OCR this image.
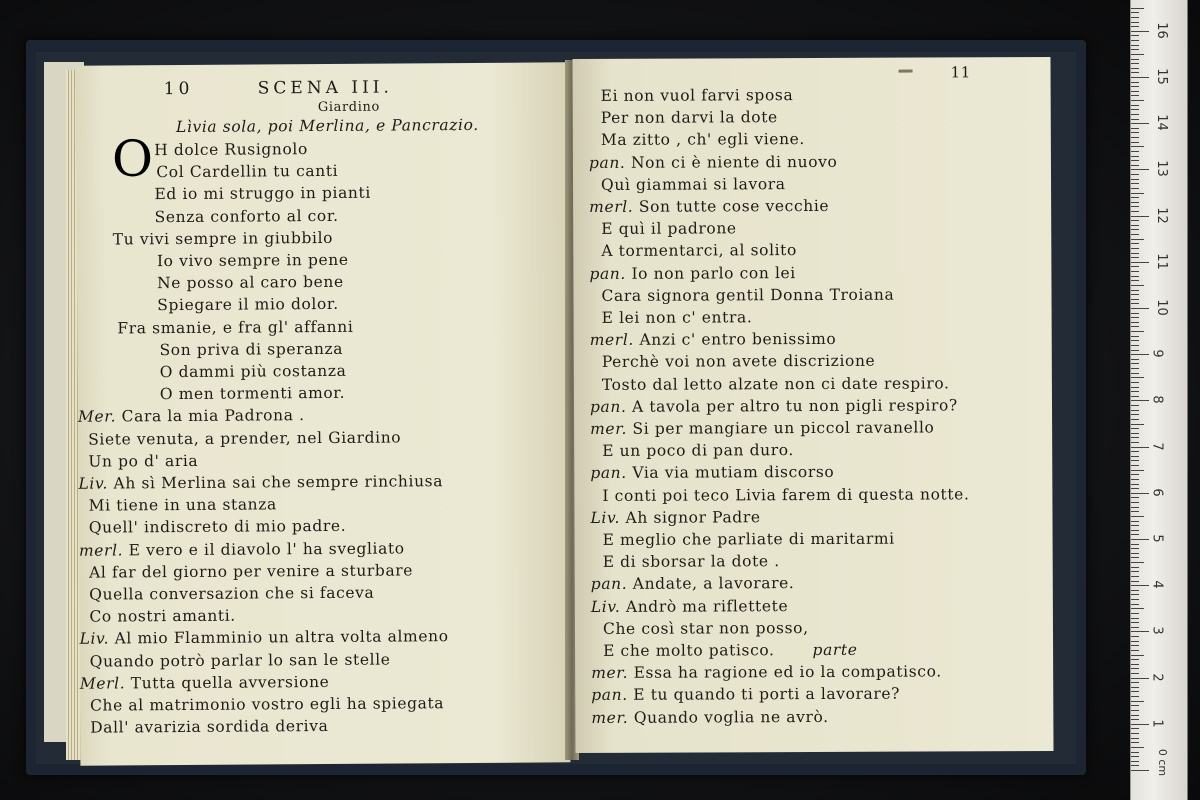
10	SCENA III.
Giardino
Lìvia sola, poi Merlina, e Pancrazio.
H dolce Rusignolo
Col Cardellin tu canti
Ed io mi struggo in pianti
Senza conforto al cor.
Tu vivi sempre in giubbilo
Io vivo sempre in pene
Ne posso al caro bene
Spiegare il mio dolor.
Fra smanie, e fra gl' affanni
Son priva di speranza
O dammi più costanza
O men tormenti amor.
Mer. Cara la mia Padrona .
Siete venuta, a prender, nel Giardino
Un po d' aria
Liv. Ah sì Merlina sai che sempre rinchiusa
Mi tiene in una stanza
Quell' indiscreto di mio padre.
merl. E vero e il diavolo l' ha svegliato
Al far del giorno per venire a sturbare
Quella conversazion che si faceva
Co nostri amanti.
Liv. Al mio Flamminio un altra volta almeno
Quando potrò parlar lo san le stelle
Merl. Tutta quella avversione
Che al matrimonio vostro egli ha spiegata
Dall' avarizia sordida deriva
O
11
Ei non vuol farvi sposa
Per non darvi la dote
Ma zitto , ch' egli viene.
pan. Non ci è niente di nuovo
Quì giammai si lavora
merl. Son tutte cose vecchie
E quì il padrone
A tormentarci, al solito
pan. Io non parlo con lei
Cara signora gentil Donna Troiana
E lei non c' entra.
merl. Anzi c' entro benissimo
Perchè voi non avete discrizione
Tosto dal letto alzate non ci date respiro.
pan. A tavola per altro tu non pigli respiro?
mer. Si per mangiare un piccol ravanello
E un poco di pan duro.
pan. Via via mutiam discorso
I conti poi teco Livia farem di questa notte.
Liv. Ah signor Padre
E meglio che parliate di maritarmi
E di sborsar la dote .
pan. Andate, a lavorare.
Liv. Andrò ma riflettete
Che così star non posso,
E che molto patisco. parte
mer. Essa ha ragione ed io la compatisco.
pan. E tu quando ti porti a lavorare?
mer. Quando voglia ne avrò.
0 cm
1
2
3
4
5
6
7
8
9
10
11
12
13
14
15
16
